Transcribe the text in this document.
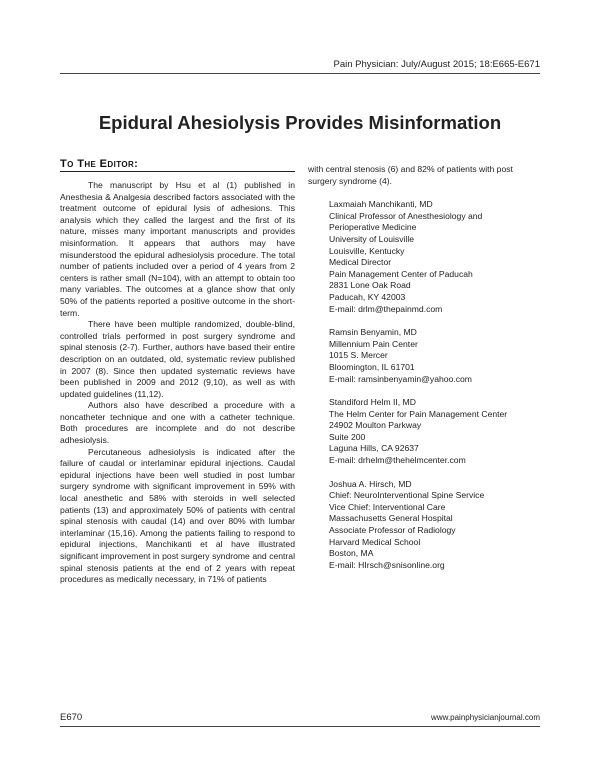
Pain Physician: July/August 2015; 18:E665-E671
Epidural Ahesiolysis Provides Misinformation
To The Editor:

The manuscript by Hsu et al (1) published in Anesthesia & Analgesia described factors associated with the treatment outcome of epidural lysis of adhesions. This analysis which they called the largest and the first of its nature, misses many important manuscripts and provides misinformation. It appears that authors may have misunderstood the epidural adhesiolysis procedure. The total number of patients included over a period of 4 years from 2 centers is rather small (N=104), with an attempt to obtain too many variables. The outcomes at a glance show that only 50% of the patients reported a positive outcome in the short-term.

There have been multiple randomized, double-blind, controlled trials performed in post surgery syndrome and spinal stenosis (2-7). Further, authors have based their entire description on an outdated, old, systematic review published in 2007 (8). Since then updated systematic reviews have been published in 2009 and 2012 (9,10), as well as with updated guidelines (11,12).

Authors also have described a procedure with a noncatheter technique and one with a catheter technique. Both procedures are incomplete and do not describe adhesiolysis.

Percutaneous adhesiolysis is indicated after the failure of caudal or interlaminar epidural injections. Caudal epidural injections have been well studied in post lumbar surgery syndrome with significant improvement in 59% with local anesthetic and 58% with steroids in well selected patients (13) and approximately 50% of patients with central spinal stenosis with caudal (14) and over 80% with lumbar interlaminar (15,16). Among the patients failing to respond to epidural injections, Manchikanti et al have illustrated significant improvement in post surgery syndrome and central spinal stenosis patients at the end of 2 years with repeat procedures as medically necessary, in 71% of patients

with central stenosis (6) and 82% of patients with post surgery syndrome (4).

Laxmaiah Manchikanti, MD
Clinical Professor of Anesthesiology and
Perioperative Medicine
University of Louisville
Louisville, Kentucky
Medical Director
Pain Management Center of Paducah
2831 Lone Oak Road
Paducah, KY 42003
E-mail: drlm@thepainmd.com
Ramsin Benyamin, MD
Millennium Pain Center
1015 S. Mercer
Bloomington, IL 61701
E-mail: ramsinbenyamin@yahoo.com
Standiford Helm II, MD
The Helm Center for Pain Management Center
24902 Moulton Parkway
Suite 200
Laguna Hills, CA 92637
E-mail: drhelm@thehelmcenter.com
Joshua A. Hirsch, MD
Chief: NeuroInterventional Spine Service
Vice Chief: Interventional Care
Massachusetts General Hospital
Associate Professor of Radiology
Harvard Medical School
Boston, MA
E-mail: HIrsch@snisonline.org
E670	www.painphysicianjournal.com
